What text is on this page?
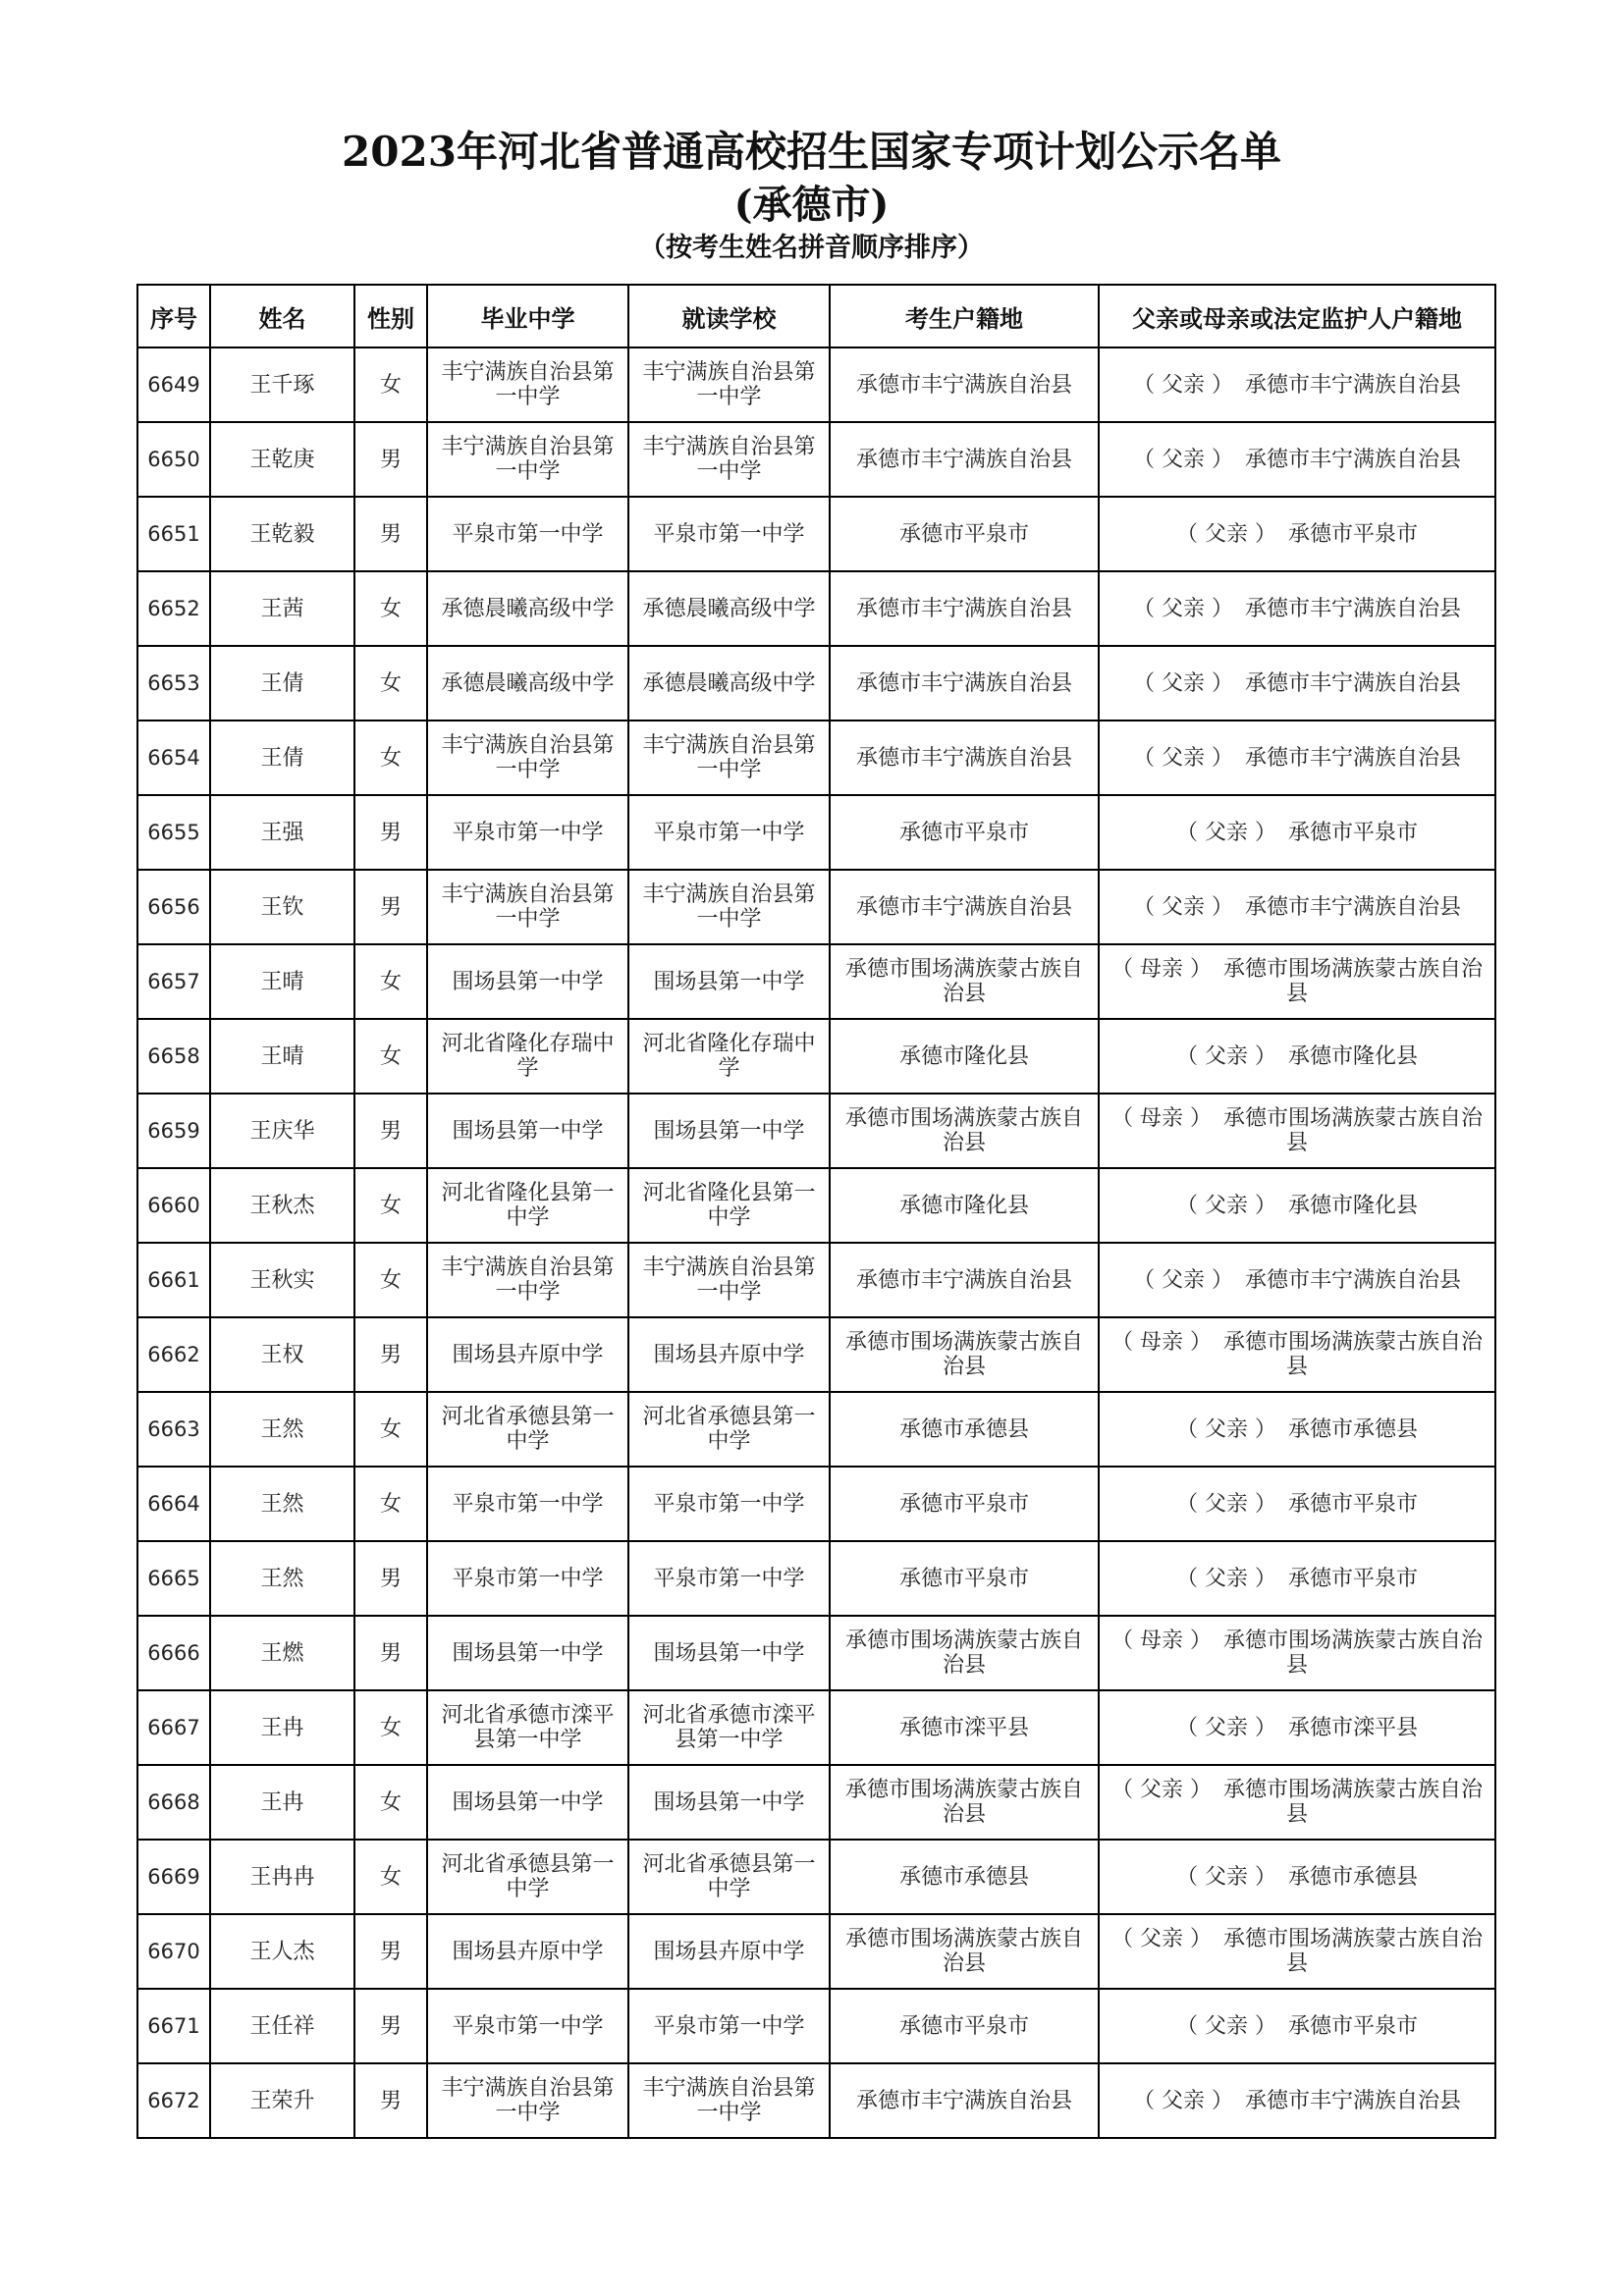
2023年河北省普通高校招生国家专项计划公示名单
(承德市)
（按考生姓名拼音顺序排序）
序号	姓名	性别	毕业中学	就读学校	考生户籍地	父亲或母亲或法定监护人户籍地
6649	王千琢	女	丰宁满族自治县第一中学	丰宁满族自治县第一中学	承德市丰宁满族自治县	（ 父亲 ） 承德市丰宁满族自治县
6650	王乾庚	男	丰宁满族自治县第一中学	丰宁满族自治县第一中学	承德市丰宁满族自治县	（ 父亲 ） 承德市丰宁满族自治县
6651	王乾毅	男	平泉市第一中学	平泉市第一中学	承德市平泉市	（ 父亲 ） 承德市平泉市
6652	王茜	女	承德晨曦高级中学	承德晨曦高级中学	承德市丰宁满族自治县	（ 父亲 ） 承德市丰宁满族自治县
6653	王倩	女	承德晨曦高级中学	承德晨曦高级中学	承德市丰宁满族自治县	（ 父亲 ） 承德市丰宁满族自治县
6654	王倩	女	丰宁满族自治县第一中学	丰宁满族自治县第一中学	承德市丰宁满族自治县	（ 父亲 ） 承德市丰宁满族自治县
6655	王强	男	平泉市第一中学	平泉市第一中学	承德市平泉市	（ 父亲 ） 承德市平泉市
6656	王钦	男	丰宁满族自治县第一中学	丰宁满族自治县第一中学	承德市丰宁满族自治县	（ 父亲 ） 承德市丰宁满族自治县
6657	王晴	女	围场县第一中学	围场县第一中学	承德市围场满族蒙古族自治县	（ 母亲 ） 承德市围场满族蒙古族自治县
6658	王晴	女	河北省隆化存瑞中学	河北省隆化存瑞中学	承德市隆化县	（ 父亲 ） 承德市隆化县
6659	王庆华	男	围场县第一中学	围场县第一中学	承德市围场满族蒙古族自治县	（ 母亲 ） 承德市围场满族蒙古族自治县
6660	王秋杰	女	河北省隆化县第一中学	河北省隆化县第一中学	承德市隆化县	（ 父亲 ） 承德市隆化县
6661	王秋实	女	丰宁满族自治县第一中学	丰宁满族自治县第一中学	承德市丰宁满族自治县	（ 父亲 ） 承德市丰宁满族自治县
6662	王权	男	围场县卉原中学	围场县卉原中学	承德市围场满族蒙古族自治县	（ 母亲 ） 承德市围场满族蒙古族自治县
6663	王然	女	河北省承德县第一中学	河北省承德县第一中学	承德市承德县	（ 父亲 ） 承德市承德县
6664	王然	女	平泉市第一中学	平泉市第一中学	承德市平泉市	（ 父亲 ） 承德市平泉市
6665	王然	男	平泉市第一中学	平泉市第一中学	承德市平泉市	（ 父亲 ） 承德市平泉市
6666	王燃	男	围场县第一中学	围场县第一中学	承德市围场满族蒙古族自治县	（ 母亲 ） 承德市围场满族蒙古族自治县
6667	王冉	女	河北省承德市滦平县第一中学	河北省承德市滦平县第一中学	承德市滦平县	（ 父亲 ） 承德市滦平县
6668	王冉	女	围场县第一中学	围场县第一中学	承德市围场满族蒙古族自治县	（ 父亲 ） 承德市围场满族蒙古族自治县
6669	王冉冉	女	河北省承德县第一中学	河北省承德县第一中学	承德市承德县	（ 父亲 ） 承德市承德县
6670	王人杰	男	围场县卉原中学	围场县卉原中学	承德市围场满族蒙古族自治县	（ 父亲 ） 承德市围场满族蒙古族自治县
6671	王任祥	男	平泉市第一中学	平泉市第一中学	承德市平泉市	（ 父亲 ） 承德市平泉市
6672	王荣升	男	丰宁满族自治县第一中学	丰宁满族自治县第一中学	承德市丰宁满族自治县	（ 父亲 ） 承德市丰宁满族自治县
